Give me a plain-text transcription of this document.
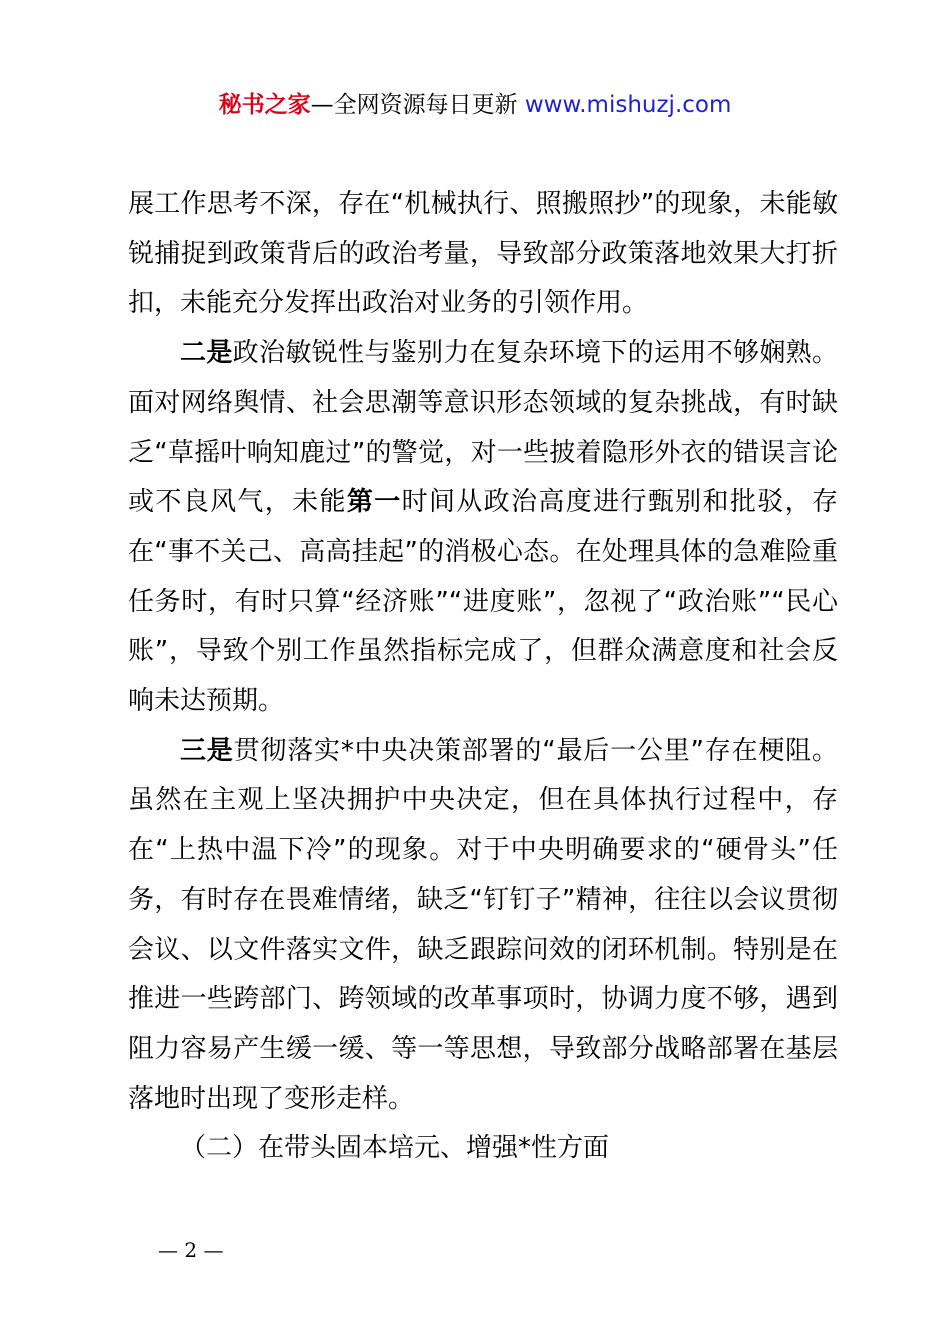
秘书之家—全网资源每日更新 www.mishuzj.com

展工作思考不深，存在“机械执行、照搬照抄”的现象，未能敏锐捕捉到政策背后的政治考量，导致部分政策落地效果大打折扣，未能充分发挥出政治对业务的引领作用。

二是政治敏锐性与鉴别力在复杂环境下的运用不够娴熟。面对网络舆情、社会思潮等意识形态领域的复杂挑战，有时缺乏“草摇叶响知鹿过”的警觉，对一些披着隐形外衣的错误言论或不良风气，未能第一时间从政治高度进行甄别和批驳，存在“事不关己、高高挂起”的消极心态。在处理具体的急难险重任务时，有时只算“经济账”“进度账”，忽视了“政治账”“民心账”，导致个别工作虽然指标完成了，但群众满意度和社会反响未达预期。

三是贯彻落实*中央决策部署的“最后一公里”存在梗阻。虽然在主观上坚决拥护中央决定，但在具体执行过程中，存在“上热中温下冷”的现象。对于中央明确要求的“硬骨头”任务，有时存在畏难情绪，缺乏“钉钉子”精神，往往以会议贯彻会议、以文件落实文件，缺乏跟踪问效的闭环机制。特别是在推进一些跨部门、跨领域的改革事项时，协调力度不够，遇到阻力容易产生缓一缓、等一等思想，导致部分战略部署在基层落地时出现了变形走样。

（二）在带头固本培元、增强*性方面

— 2 —
